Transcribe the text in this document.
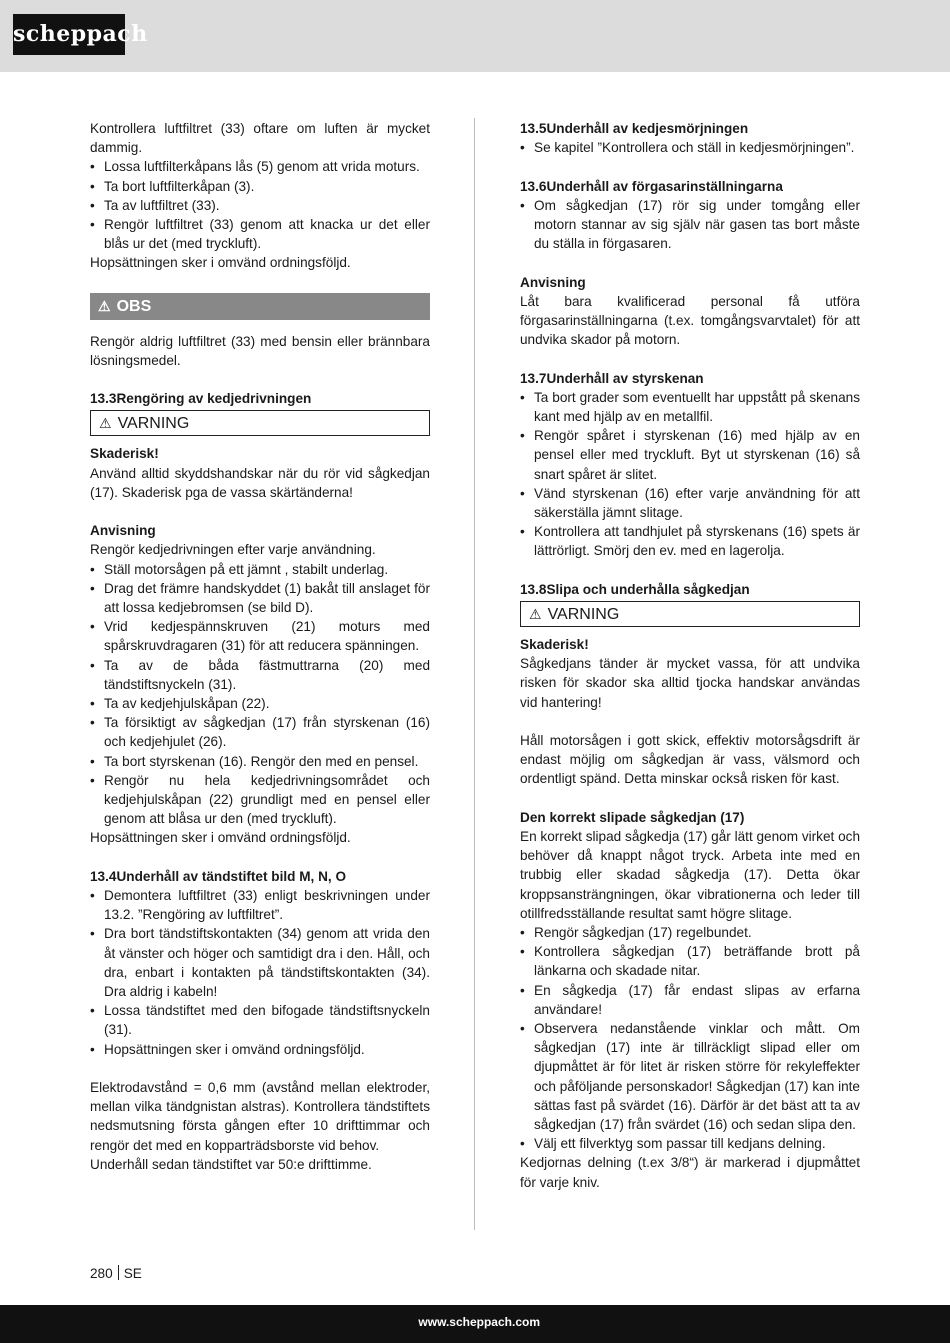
scheppach

Kontrollera luftfiltret (33) oftare om luften är mycket dammig.

• Lossa luftfilterkåpans lås (5) genom att vrida moturs.
• Ta bort luftfilterkåpan (3).
• Ta av luftfiltret (33).
• Rengör luftfiltret (33) genom att knacka ur det eller blås ur det (med tryckluft).

Hopsättningen sker i omvänd ordningsföljd.

⚠ OBS

Rengör aldrig luftfiltret (33) med bensin eller brännbara lösningsmedel.

13.3Rengöring av kedjedrivningen

⚠ VARNING

Skaderisk!

Använd alltid skyddshandskar när du rör vid sågkedjan (17). Skaderisk pga de vassa skärtänderna!

Anvisning

Rengör kedjedrivningen efter varje användning.

• Ställ motorsågen på ett jämnt , stabilt underlag.
• Drag det främre handskyddet (1) bakåt till anslaget för att lossa kedjebromsen (se bild D).
• Vrid kedjespännskruven (21) moturs med spårskruvdragaren (31) för att reducera spänningen.
• Ta av de båda fästmuttrarna (20) med tändstiftsnyckeln (31).
• Ta av kedjehjulskåpan (22).
• Ta försiktigt av sågkedjan (17) från styrskenan (16) och kedjehjulet (26).
• Ta bort styrskenan (16). Rengör den med en pensel.
• Rengör nu hela kedjedrivningsområdet och kedjehjulskåpan (22) grundligt med en pensel eller genom att blåsa ur den (med tryckluft).

Hopsättningen sker i omvänd ordningsföljd.

13.4Underhåll av tändstiftet bild M, N, O

• Demontera luftfiltret (33) enligt beskrivningen under 13.2. ”Rengöring av luftfiltret”.
• Dra bort tändstiftskontakten (34) genom att vrida den åt vänster och höger och samtidigt dra i den. Håll, och dra, enbart i kontakten på tändstiftskontakten (34). Dra aldrig i kabeln!
• Lossa tändstiftet med den bifogade tändstiftsnyckeln (31).
• Hopsättningen sker i omvänd ordningsföljd.

Elektrodavstånd = 0,6 mm (avstånd mellan elektroder, mellan vilka tändgnistan alstras). Kontrollera tändstiftets nedsmutsning första gången efter 10 drifttimmar och rengör det med en kopparträdsborste vid behov.

Underhåll sedan tändstiftet var 50:e drifttimme.

13.5Underhåll av kedjesmörjningen

• Se kapitel ”Kontrollera och ställ in kedjesmörjningen”.

13.6Underhåll av förgasarinställningarna

• Om sågkedjan (17) rör sig under tomgång eller motorn stannar av sig själv när gasen tas bort måste du ställa in förgasaren.

Anvisning

Låt bara kvalificerad personal få utföra förgasarinställningarna (t.ex. tomgångsvarvtalet) för att undvika skador på motorn.

13.7Underhåll av styrskenan

• Ta bort grader som eventuellt har uppstått på skenans kant med hjälp av en metallfil.
• Rengör spåret i styrskenan (16) med hjälp av en pensel eller med tryckluft. Byt ut styrskenan (16) så snart spåret är slitet.
• Vänd styrskenan (16) efter varje användning för att säkerställa jämnt slitage.
• Kontrollera att tandhjulet på styrskenans (16) spets är lättrörligt. Smörj den ev. med en lagerolja.

13.8Slipa och underhålla sågkedjan

⚠ VARNING

Skaderisk!

Sågkedjans tänder är mycket vassa, för att undvika risken för skador ska alltid tjocka handskar användas vid hantering!

Håll motorsågen i gott skick, effektiv motorsågsdrift är endast möjlig om sågkedjan är vass, välsmord och ordentligt spänd. Detta minskar också risken för kast.

Den korrekt slipade sågkedjan (17)

En korrekt slipad sågkedja (17) går lätt genom virket och behöver då knappt något tryck. Arbeta inte med en trubbig eller skadad sågkedja (17). Detta ökar kroppsansträngningen, ökar vibrationerna och leder till otillfredsställande resultat samt högre slitage.

• Rengör sågkedjan (17) regelbundet.
• Kontrollera sågkedjan (17) beträffande brott på länkarna och skadade nitar.
• En sågkedja (17) får endast slipas av erfarna användare!
• Observera nedanstående vinklar och mått. Om sågkedjan (17) inte är tillräckligt slipad eller om djupmåttet är för litet är risken större för rekyleffekter och påföljande personskador! Sågkedjan (17) kan inte sättas fast på svärdet (16). Därför är det bäst att ta av sågkedjan (17) från svärdet (16) och sedan slipa den.
• Välj ett filverktyg som passar till kedjans delning.

Kedjornas delning (t.ex 3/8“) är markerad i djupmåttet för varje kniv.

280 SE
www.scheppach.com
